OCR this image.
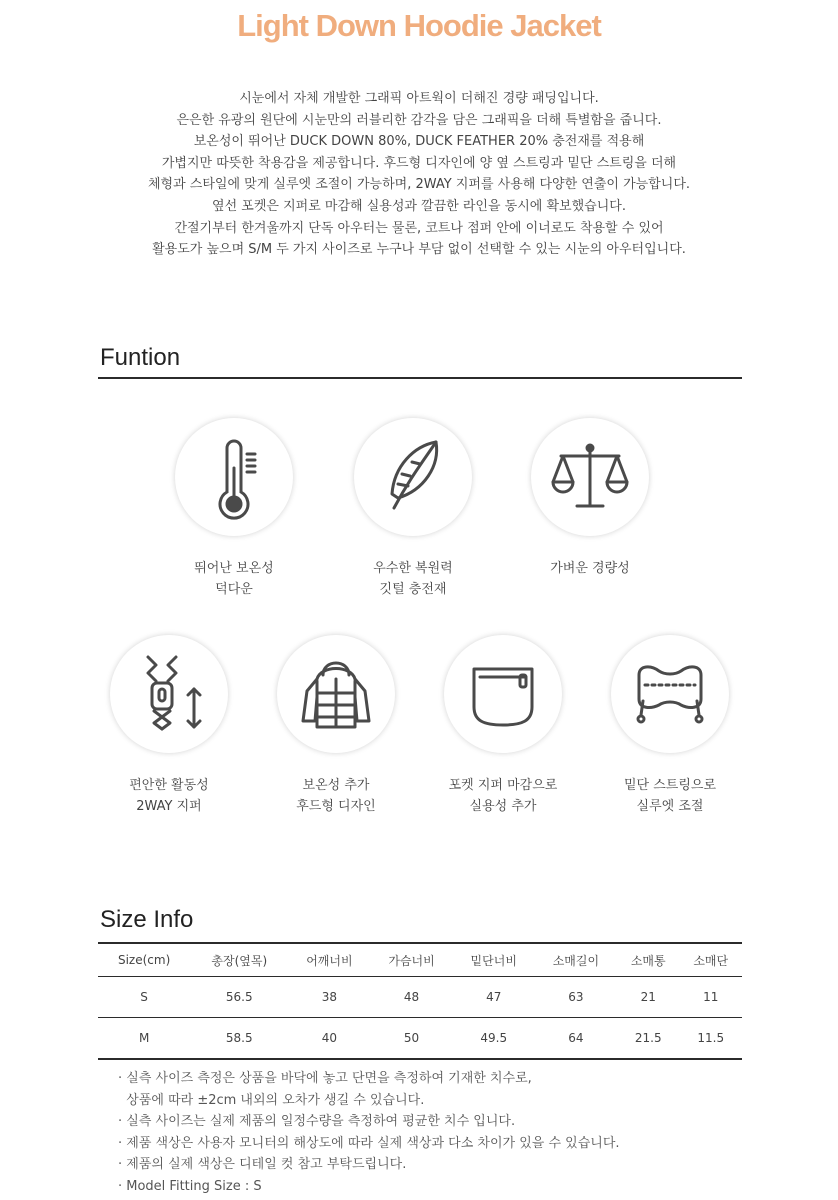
Light Down Hoodie Jacket
시눈에서 자체 개발한 그래픽 아트웍이 더해진 경량 패딩입니다.
은은한 유광의 원단에 시눈만의 러블리한 감각을 담은 그래픽을 더해 특별함을 줍니다.
보온성이 뛰어난 DUCK DOWN 80%, DUCK FEATHER 20% 충전재를 적용해
가볍지만 따뜻한 착용감을 제공합니다. 후드형 디자인에 양 옆 스트링과 밑단 스트링을 더해
체형과 스타일에 맞게 실루엣 조절이 가능하며, 2WAY 지퍼를 사용해 다양한 연출이 가능합니다.
옆선 포켓은 지퍼로 마감해 실용성과 깔끔한 라인을 동시에 확보했습니다.
간절기부터 한겨울까지 단독 아우터는 물론, 코트나 점퍼 안에 이너로도 착용할 수 있어
활용도가 높으며 S/M 두 가지 사이즈로 누구나 부담 없이 선택할 수 있는 시눈의 아우터입니다.
Funtion
뛰어난 보온성
덕다운
우수한 복원력
깃털 충전재
가벼운 경량성
편안한 활동성
2WAY 지퍼
보온성 추가
후드형 디자인
포켓 지퍼 마감으로
실용성 추가
밑단 스트링으로
실루엣 조절
Size Info
Size(cm)	총장(옆목)	어깨너비	가슴너비	밑단너비	소매길이	소매통	소매단
S	56.5	38	48	47	63	21	11
M	58.5	40	50	49.5	64	21.5	11.5
· 실측 사이즈 측정은 상품을 바닥에 놓고 단면을 측정하여 기재한 치수로,
상품에 따라 ±2cm 내외의 오차가 생길 수 있습니다.
· 실측 사이즈는 실제 제품의 일정수량을 측정하여 평균한 치수 입니다.
· 제품 색상은 사용자 모니터의 해상도에 따라 실제 색상과 다소 차이가 있을 수 있습니다.
· 제품의 실제 색상은 디테일 컷 참고 부탁드립니다.
· Model Fitting Size : S
